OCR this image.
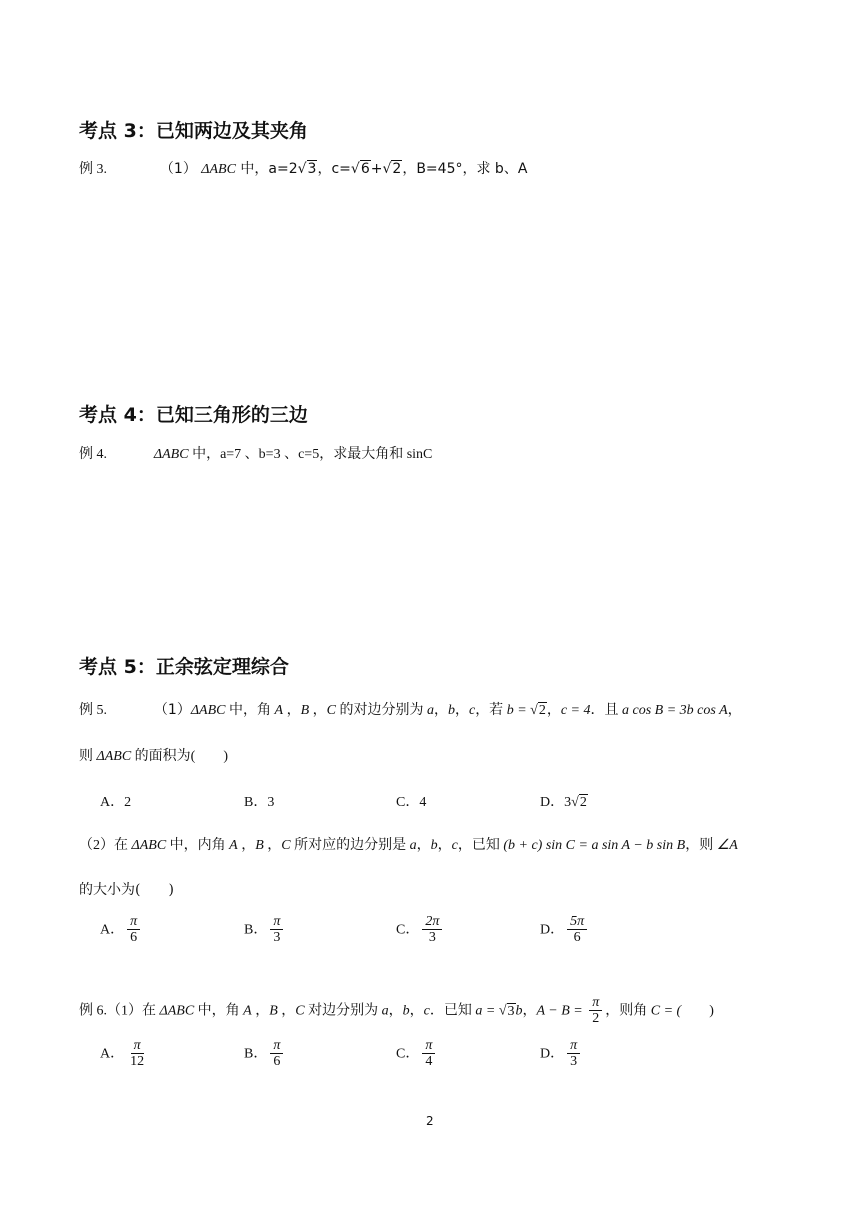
考点 3：已知两边及其夹角
例 3.	（1） ΔABC 中，a=2√3，c=√6+√2，B=45°，求 b、A
考点 4：已知三角形的三边
例 4.	ΔABC 中，a=7 、b=3 、c=5，求最大角和 sinC
考点 5：正余弦定理综合
例 5.	（1）ΔABC 中，角 A ，B ，C 的对边分别为 a，b，c，若 b = √2，c = 4．且 a cos B = 3b cos A，
则 ΔABC 的面积为(　　)
A．2	B．3	C．4	D．3√2
（2）在 ΔABC 中，内角 A ，B ，C 所对应的边分别是 a，b，c，已知 (b + c) sin C = a sin A − b sin B，则 ∠A
的大小为(　　)
A． $\frac{\pi}{6}$	B． $\frac{\pi}{3}$	C． $\frac{2\pi}{3}$	D． $\frac{5\pi}{6}$
例 6.（1）在 ΔABC 中，角 A ，B ，C 对边分别为 a，b，c．已知 a = √3b，$A - B = \frac{\pi}{2}$ ，则角 C = (　　)
A． $\frac{\pi}{12}$	B． $\frac{\pi}{6}$	C． $\frac{\pi}{4}$	D． $\frac{\pi}{3}$
2
